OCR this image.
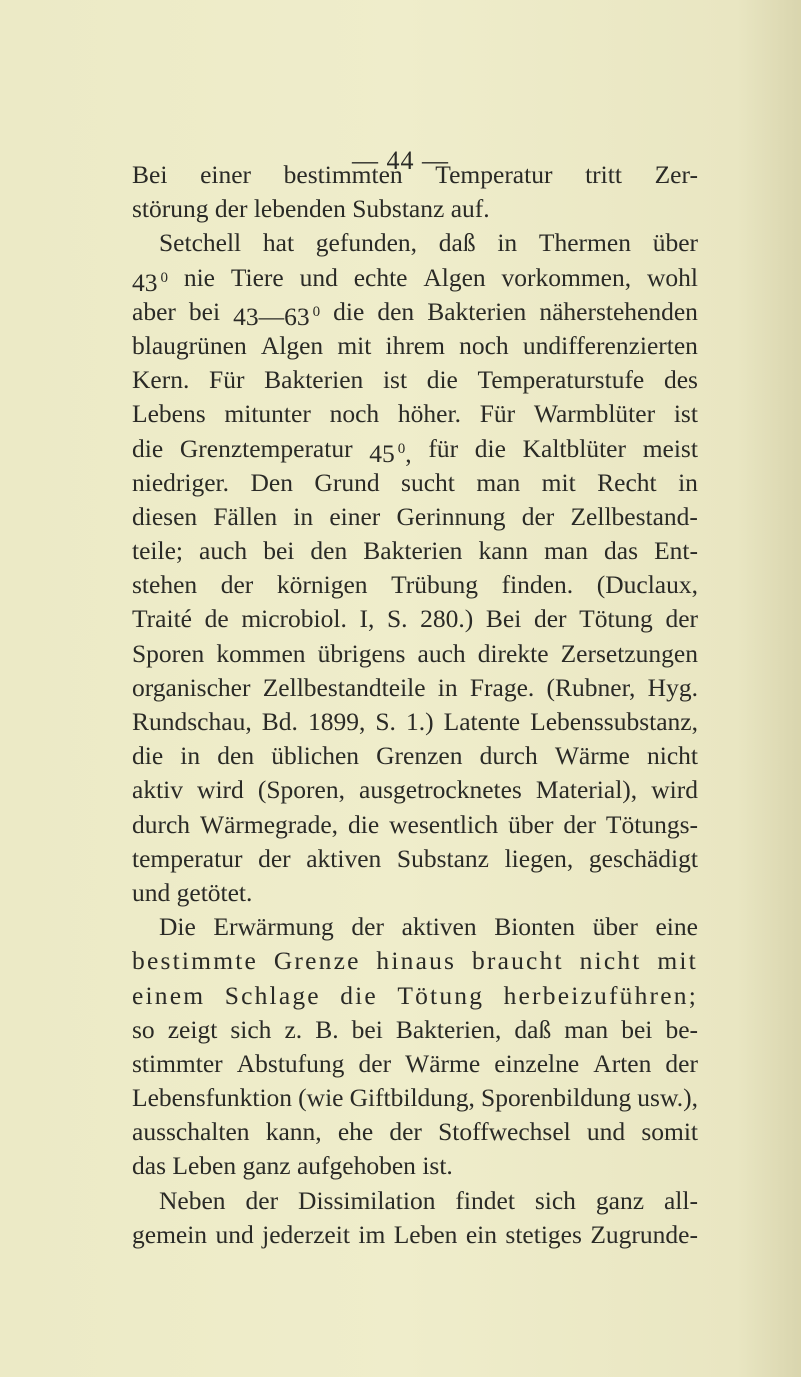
— 44 —
Bei einer bestimmten Temperatur tritt Zer-
störung der lebenden Substanz auf.
Setchell hat gefunden, daß in Thermen über
43 0 nie Tiere und echte Algen vorkommen, wohl
aber bei 43—63 0 die den Bakterien näherstehenden
blaugrünen Algen mit ihrem noch undifferenzierten
Kern. Für Bakterien ist die Temperaturstufe des
Lebens mitunter noch höher. Für Warmblüter ist
die Grenztemperatur 45 0, für die Kaltblüter meist
niedriger. Den Grund sucht man mit Recht in
diesen Fällen in einer Gerinnung der Zellbestand-
teile; auch bei den Bakterien kann man das Ent-
stehen der körnigen Trübung finden. (Duclaux,
Traité de microbiol. I, S. 280.) Bei der Tötung der
Sporen kommen übrigens auch direkte Zersetzungen
organischer Zellbestandteile in Frage. (Rubner, Hyg.
Rundschau, Bd. 1899, S. 1.) Latente Lebenssubstanz,
die in den üblichen Grenzen durch Wärme nicht
aktiv wird (Sporen, ausgetrocknetes Material), wird
durch Wärmegrade, die wesentlich über der Tötungs-
temperatur der aktiven Substanz liegen, geschädigt
und getötet.
Die Erwärmung der aktiven Bionten über eine
bestimmte Grenze hinaus braucht nicht mit
einem Schlage die Tötung herbeizuführen;
so zeigt sich z. B. bei Bakterien, daß man bei be-
stimmter Abstufung der Wärme einzelne Arten der
Lebensfunktion (wie Giftbildung, Sporenbildung usw.),
ausschalten kann, ehe der Stoffwechsel und somit
das Leben ganz aufgehoben ist.
Neben der Dissimilation findet sich ganz all-
gemein und jederzeit im Leben ein stetiges Zugrunde-
